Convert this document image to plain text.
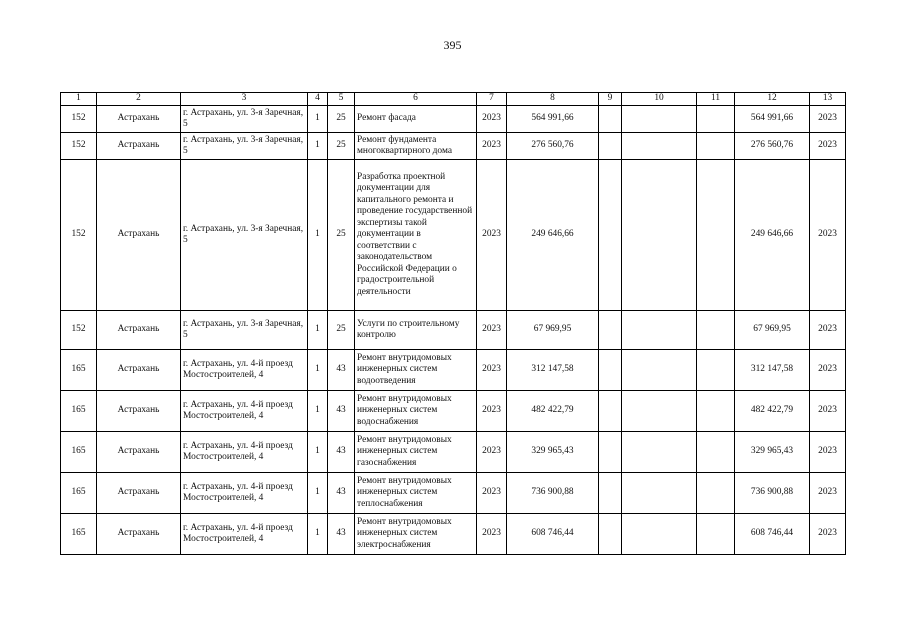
395
1	2	3	4	5	6	7	8	9	10	11	12	13
152	Астрахань	г. Астрахань, ул. 3-я Заречная, 5	1	25	Ремонт фасада	2023	564 991,66				564 991,66	2023
152	Астрахань	г. Астрахань, ул. 3-я Заречная, 5	1	25	Ремонт фундамента многоквартирного дома	2023	276 560,76				276 560,76	2023
152	Астрахань	г. Астрахань, ул. 3-я Заречная, 5	1	25	Разработка проектной документации для капитального ремонта и проведение государственной экспертизы такой документации в соответствии с законодательством Российской Федерации о градостроительной деятельности	2023	249 646,66				249 646,66	2023
152	Астрахань	г. Астрахань, ул. 3-я Заречная, 5	1	25	Услуги по строительному контролю	2023	67 969,95				67 969,95	2023
165	Астрахань	г. Астрахань, ул. 4-й проезд Мостостроителей, 4	1	43	Ремонт внутридомовых инженерных систем водоотведения	2023	312 147,58				312 147,58	2023
165	Астрахань	г. Астрахань, ул. 4-й проезд Мостостроителей, 4	1	43	Ремонт внутридомовых инженерных систем водоснабжения	2023	482 422,79				482 422,79	2023
165	Астрахань	г. Астрахань, ул. 4-й проезд Мостостроителей, 4	1	43	Ремонт внутридомовых инженерных систем газоснабжения	2023	329 965,43				329 965,43	2023
165	Астрахань	г. Астрахань, ул. 4-й проезд Мостостроителей, 4	1	43	Ремонт внутридомовых инженерных систем теплоснабжения	2023	736 900,88				736 900,88	2023
165	Астрахань	г. Астрахань, ул. 4-й проезд Мостостроителей, 4	1	43	Ремонт внутридомовых инженерных систем электроснабжения	2023	608 746,44				608 746,44	2023
